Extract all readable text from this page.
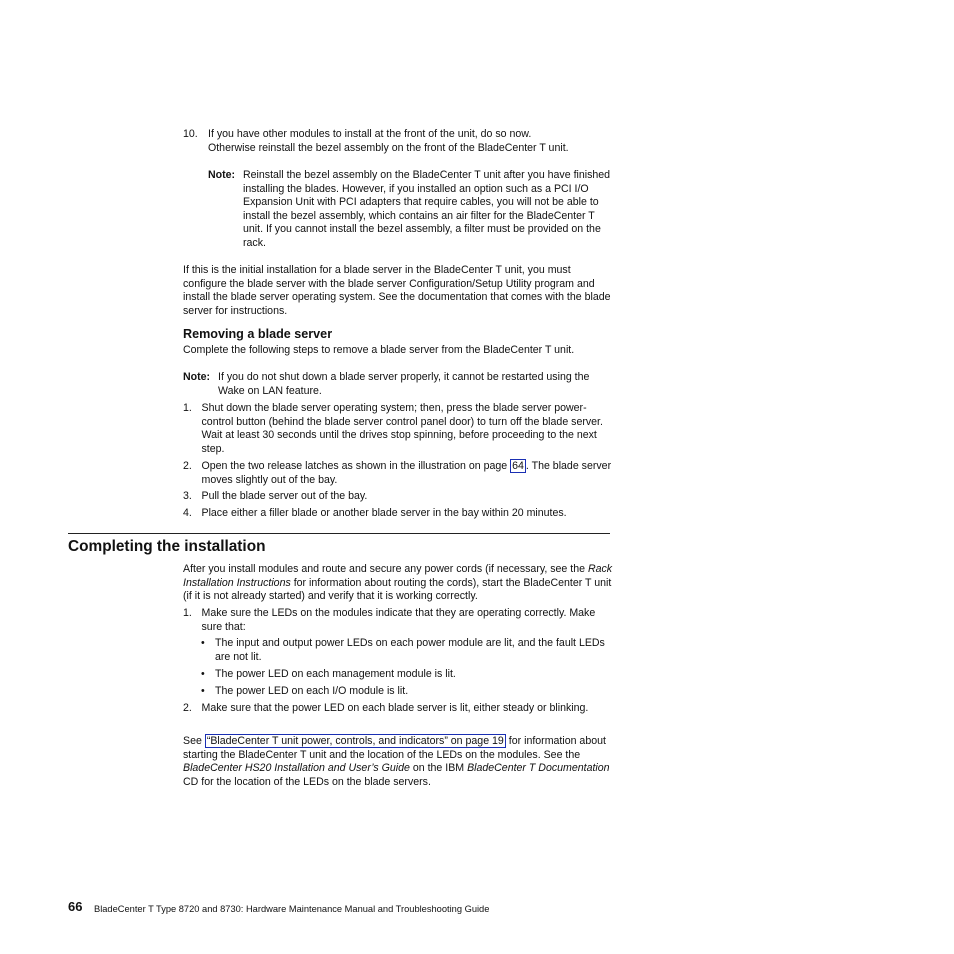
10. If you have other modules to install at the front of the unit, do so now.
Otherwise reinstall the bezel assembly on the front of the BladeCenter T unit.
Note: Reinstall the bezel assembly on the BladeCenter T unit after you have finished installing the blades. However, if you installed an option such as a PCI I/O Expansion Unit with PCI adapters that require cables, you will not be able to install the bezel assembly, which contains an air filter for the BladeCenter T unit. If you cannot install the bezel assembly, a filter must be provided on the rack.
If this is the initial installation for a blade server in the BladeCenter T unit, you must configure the blade server with the blade server Configuration/Setup Utility program and install the blade server operating system. See the documentation that comes with the blade server for instructions.
Removing a blade server
Complete the following steps to remove a blade server from the BladeCenter T unit.
Note: If you do not shut down a blade server properly, it cannot be restarted using the Wake on LAN feature.
1. Shut down the blade server operating system; then, press the blade server power-control button (behind the blade server control panel door) to turn off the blade server. Wait at least 30 seconds until the drives stop spinning, before proceeding to the next step.
2. Open the two release latches as shown in the illustration on page 64 . The blade server moves slightly out of the bay.
3. Pull the blade server out of the bay.
4. Place either a filler blade or another blade server in the bay within 20 minutes.
Completing the installation
After you install modules and route and secure any power cords (if necessary, see the Rack Installation Instructions for information about routing the cords), start the BladeCenter T unit (if it is not already started) and verify that it is working correctly.
1. Make sure the LEDs on the modules indicate that they are operating correctly. Make sure that:
• The input and output power LEDs on each power module are lit, and the fault LEDs are not lit.
• The power LED on each management module is lit.
• The power LED on each I/O module is lit.
2. Make sure that the power LED on each blade server is lit, either steady or blinking.
See “BladeCenter T unit power, controls, and indicators” on page 19 for information about starting the BladeCenter T unit and the location of the LEDs on the modules. See the BladeCenter HS20 Installation and User’s Guide on the IBM BladeCenter T Documentation CD for the location of the LEDs on the blade servers.
66 BladeCenter T Type 8720 and 8730: Hardware Maintenance Manual and Troubleshooting Guide
